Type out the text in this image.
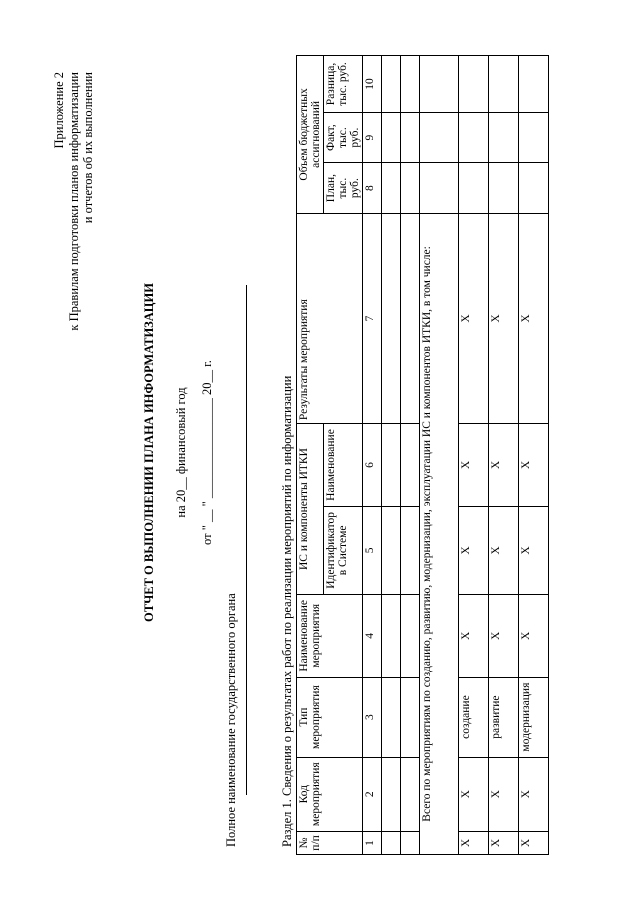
Приложение 2 к Правилам подготовки планов информатизации и отчетов об их выполнении
ОТЧЕТ О ВЫПОЛНЕНИИ ПЛАНА ИНФОРМАТИЗАЦИИ на 20__ финансовый год от " __ " ________________ 20__ г.
Полное наименование государственного органа	Раздел 1. Сведения о результатах работ по реализации мероприятий по информатизации № п/п	Код мероприятия	Тип мероприятия	Наименование мероприятия	ИС и компоненты ИТКИ		Результаты мероприятия	Объем бюджетных ассигнований		
				Идентификатор в Системе	Наименование		План, тыс. руб.	Факт, тыс. руб.	Разница, тыс. руб.
1	2	3	4	5	6	7	8	9	10

Всего по мероприятиям по созданию, развитию, модернизации, эксплуатации ИС и компонентов ИТКИ, в том числе:									
Х	Х	создание	Х	Х	Х	Х			
Х	Х	развитие	Х	Х	Х	Х			
Х	Х	модернизация	Х	Х	Х	Х			
